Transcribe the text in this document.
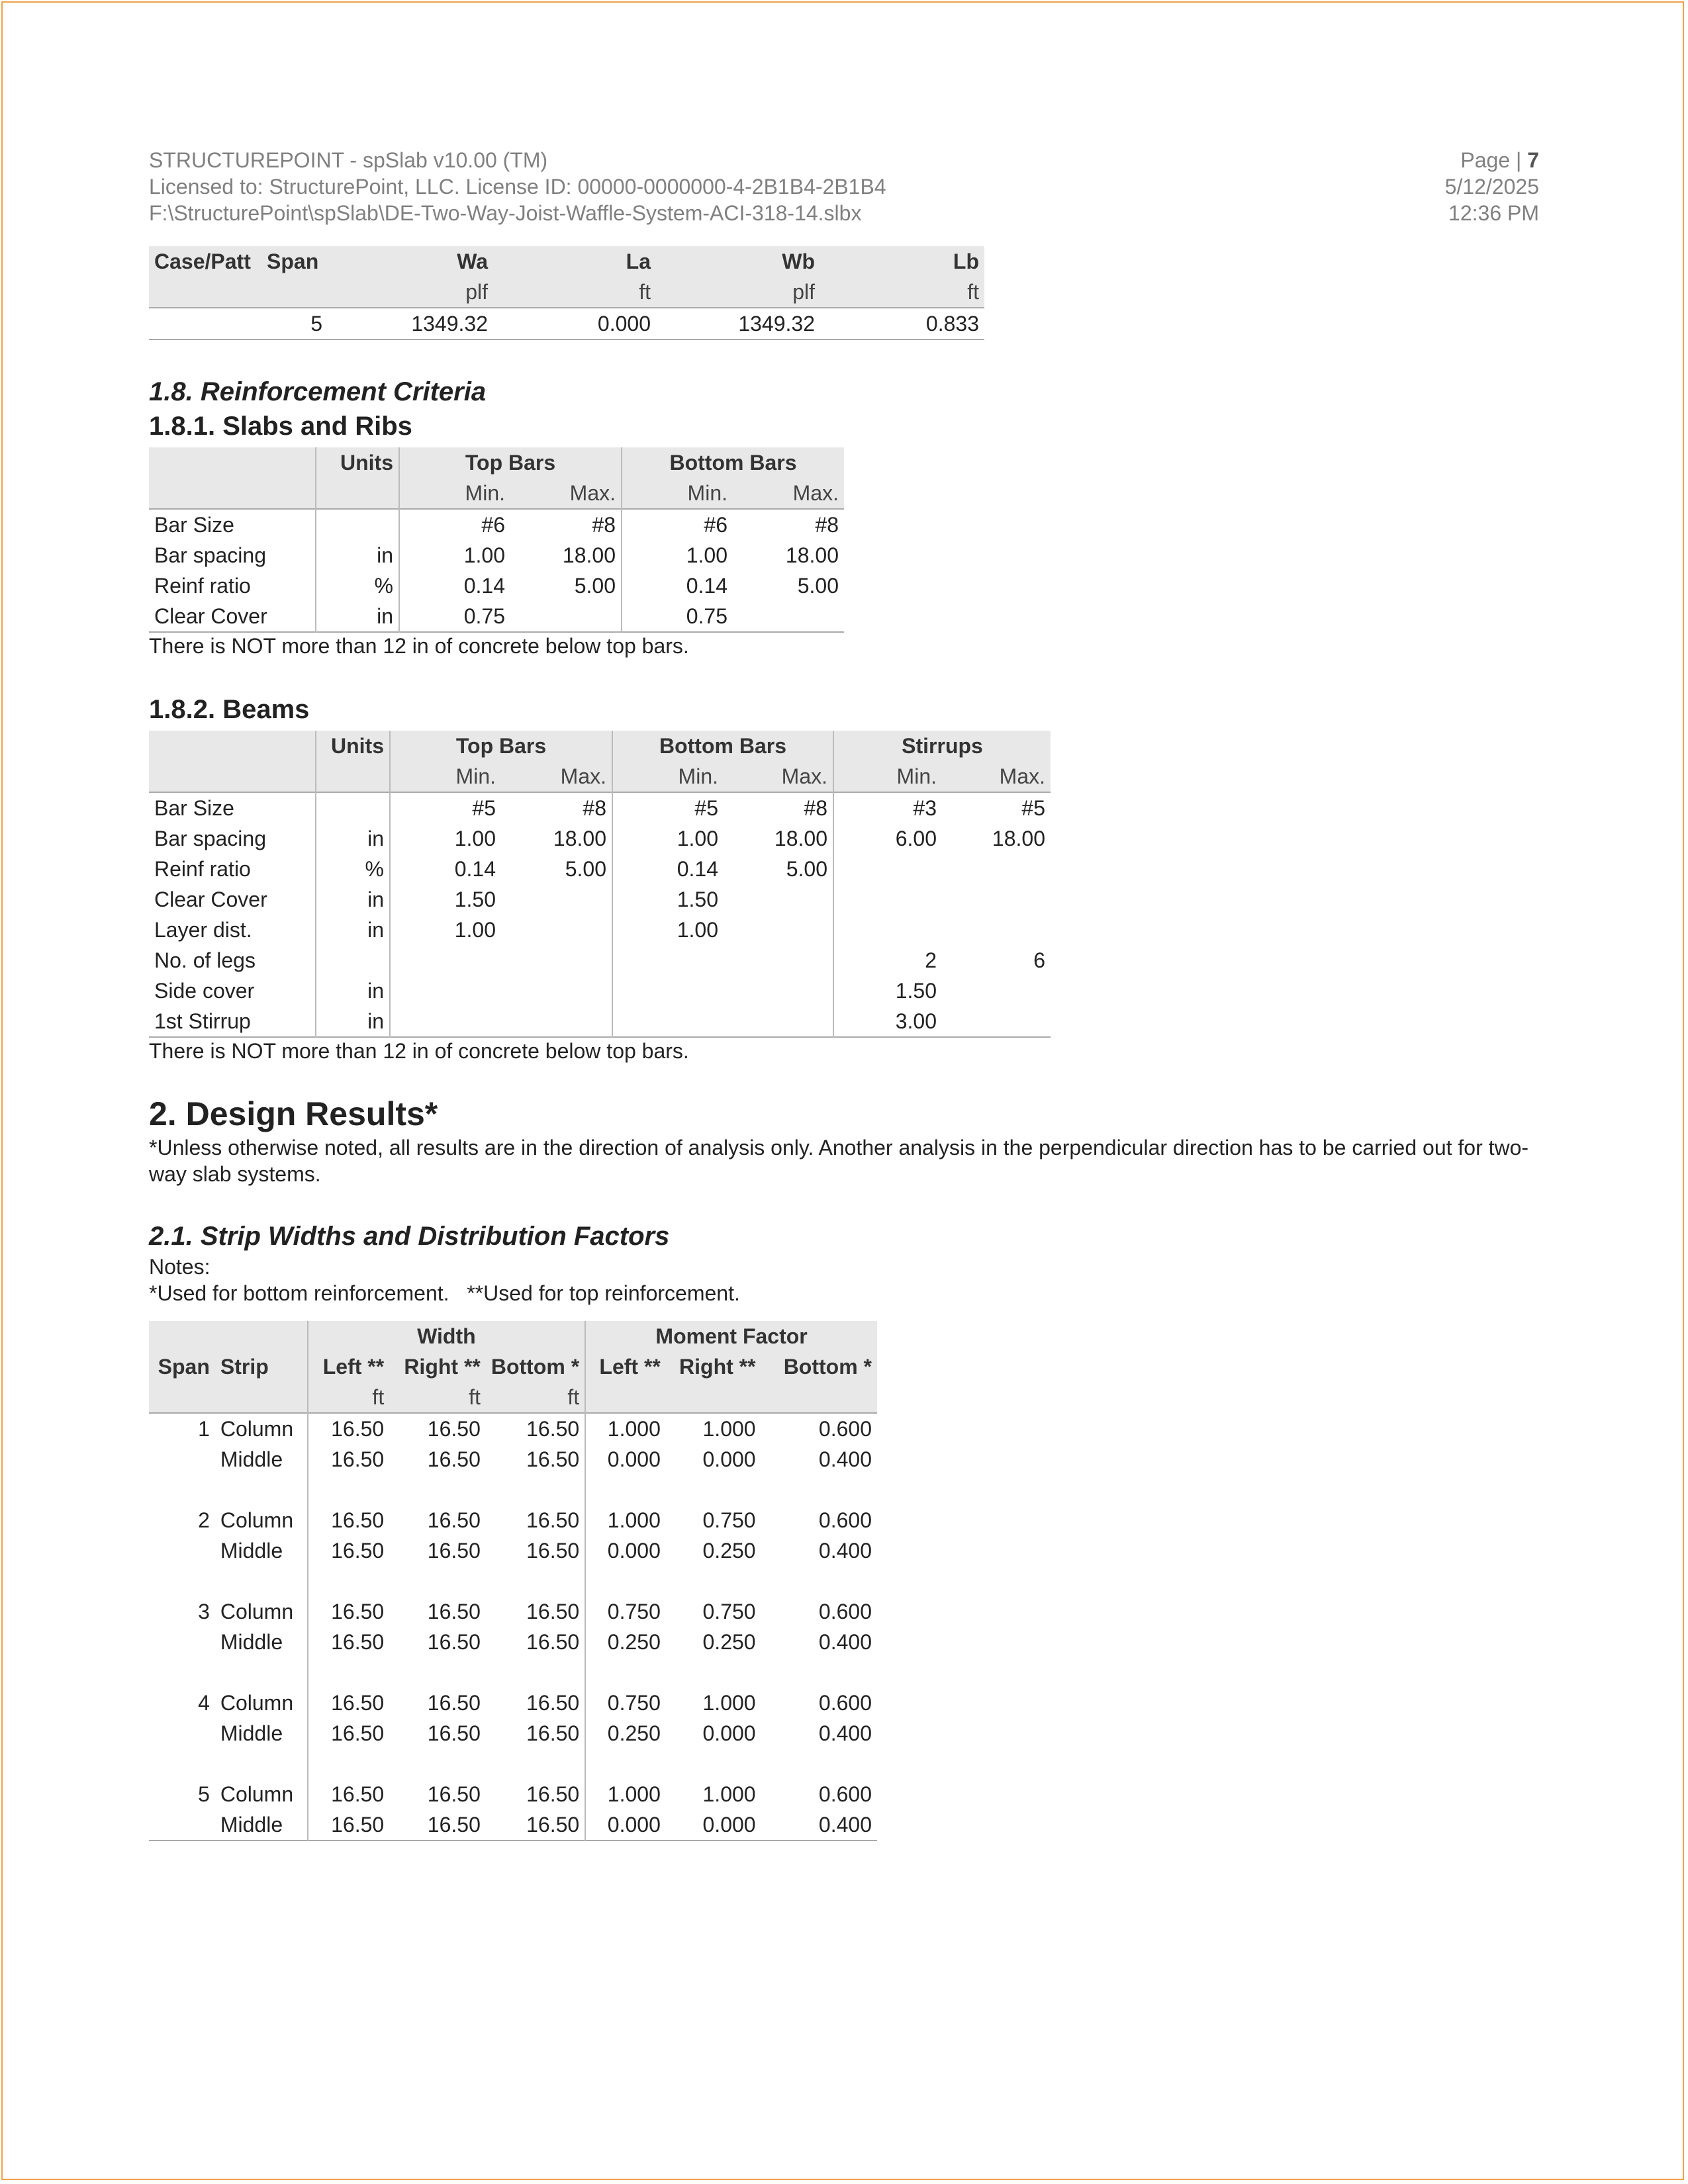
STRUCTUREPOINT - spSlab v10.00 (TM)
Licensed to: StructurePoint, LLC. License ID: 00000-0000000-4-2B1B4-2B1B4
F:\StructurePoint\spSlab\DE-Two-Way-Joist-Waffle-System-ACI-318-14.slbx
Page | 7
5/12/2025
12:36 PM
Case/Patt	Span	Wa	La	Wb	Lb
		plf	ft	plf	ft
	5	1349.32	0.000	1349.32	0.833
1.8. Reinforcement Criteria
1.8.1. Slabs and Ribs
	Units	Top Bars		Bottom Bars	
		Min.	Max.	Min.	Max.
Bar Size		#6	#8	#6	#8
Bar spacing	in	1.00	18.00	1.00	18.00
Reinf ratio	%	0.14	5.00	0.14	5.00
Clear Cover	in	0.75		0.75	
There is NOT more than 12 in of concrete below top bars.
1.8.2. Beams
	Units	Top Bars		Bottom Bars		Stirrups	
		Min.	Max.	Min.	Max.	Min.	Max.
Bar Size		#5	#8	#5	#8	#3	#5
Bar spacing	in	1.00	18.00	1.00	18.00	6.00	18.00
Reinf ratio	%	0.14	5.00	0.14	5.00		
Clear Cover	in	1.50		1.50			
Layer dist.	in	1.00		1.00			
No. of legs						2	6
Side cover	in					1.50	
1st Stirrup	in					3.00	
There is NOT more than 12 in of concrete below top bars.
2. Design Results*
*Unless otherwise noted, all results are in the direction of analysis only. Another analysis in the perpendicular direction has to be carried out for two-way slab systems.
2.1. Strip Widths and Distribution Factors
Notes:
*Used for bottom reinforcement.   **Used for top reinforcement.
		Width			Moment Factor		
Span	Strip	Left **	Right **	Bottom *	Left **	Right **	Bottom *
		ft	ft	ft			
1	Column	16.50	16.50	16.50	1.000	1.000	0.600
	Middle	16.50	16.50	16.50	0.000	0.000	0.400

2	Column	16.50	16.50	16.50	1.000	0.750	0.600
	Middle	16.50	16.50	16.50	0.000	0.250	0.400

3	Column	16.50	16.50	16.50	0.750	0.750	0.600
	Middle	16.50	16.50	16.50	0.250	0.250	0.400

4	Column	16.50	16.50	16.50	0.750	1.000	0.600
	Middle	16.50	16.50	16.50	0.250	0.000	0.400

5	Column	16.50	16.50	16.50	1.000	1.000	0.600
	Middle	16.50	16.50	16.50	0.000	0.000	0.400
